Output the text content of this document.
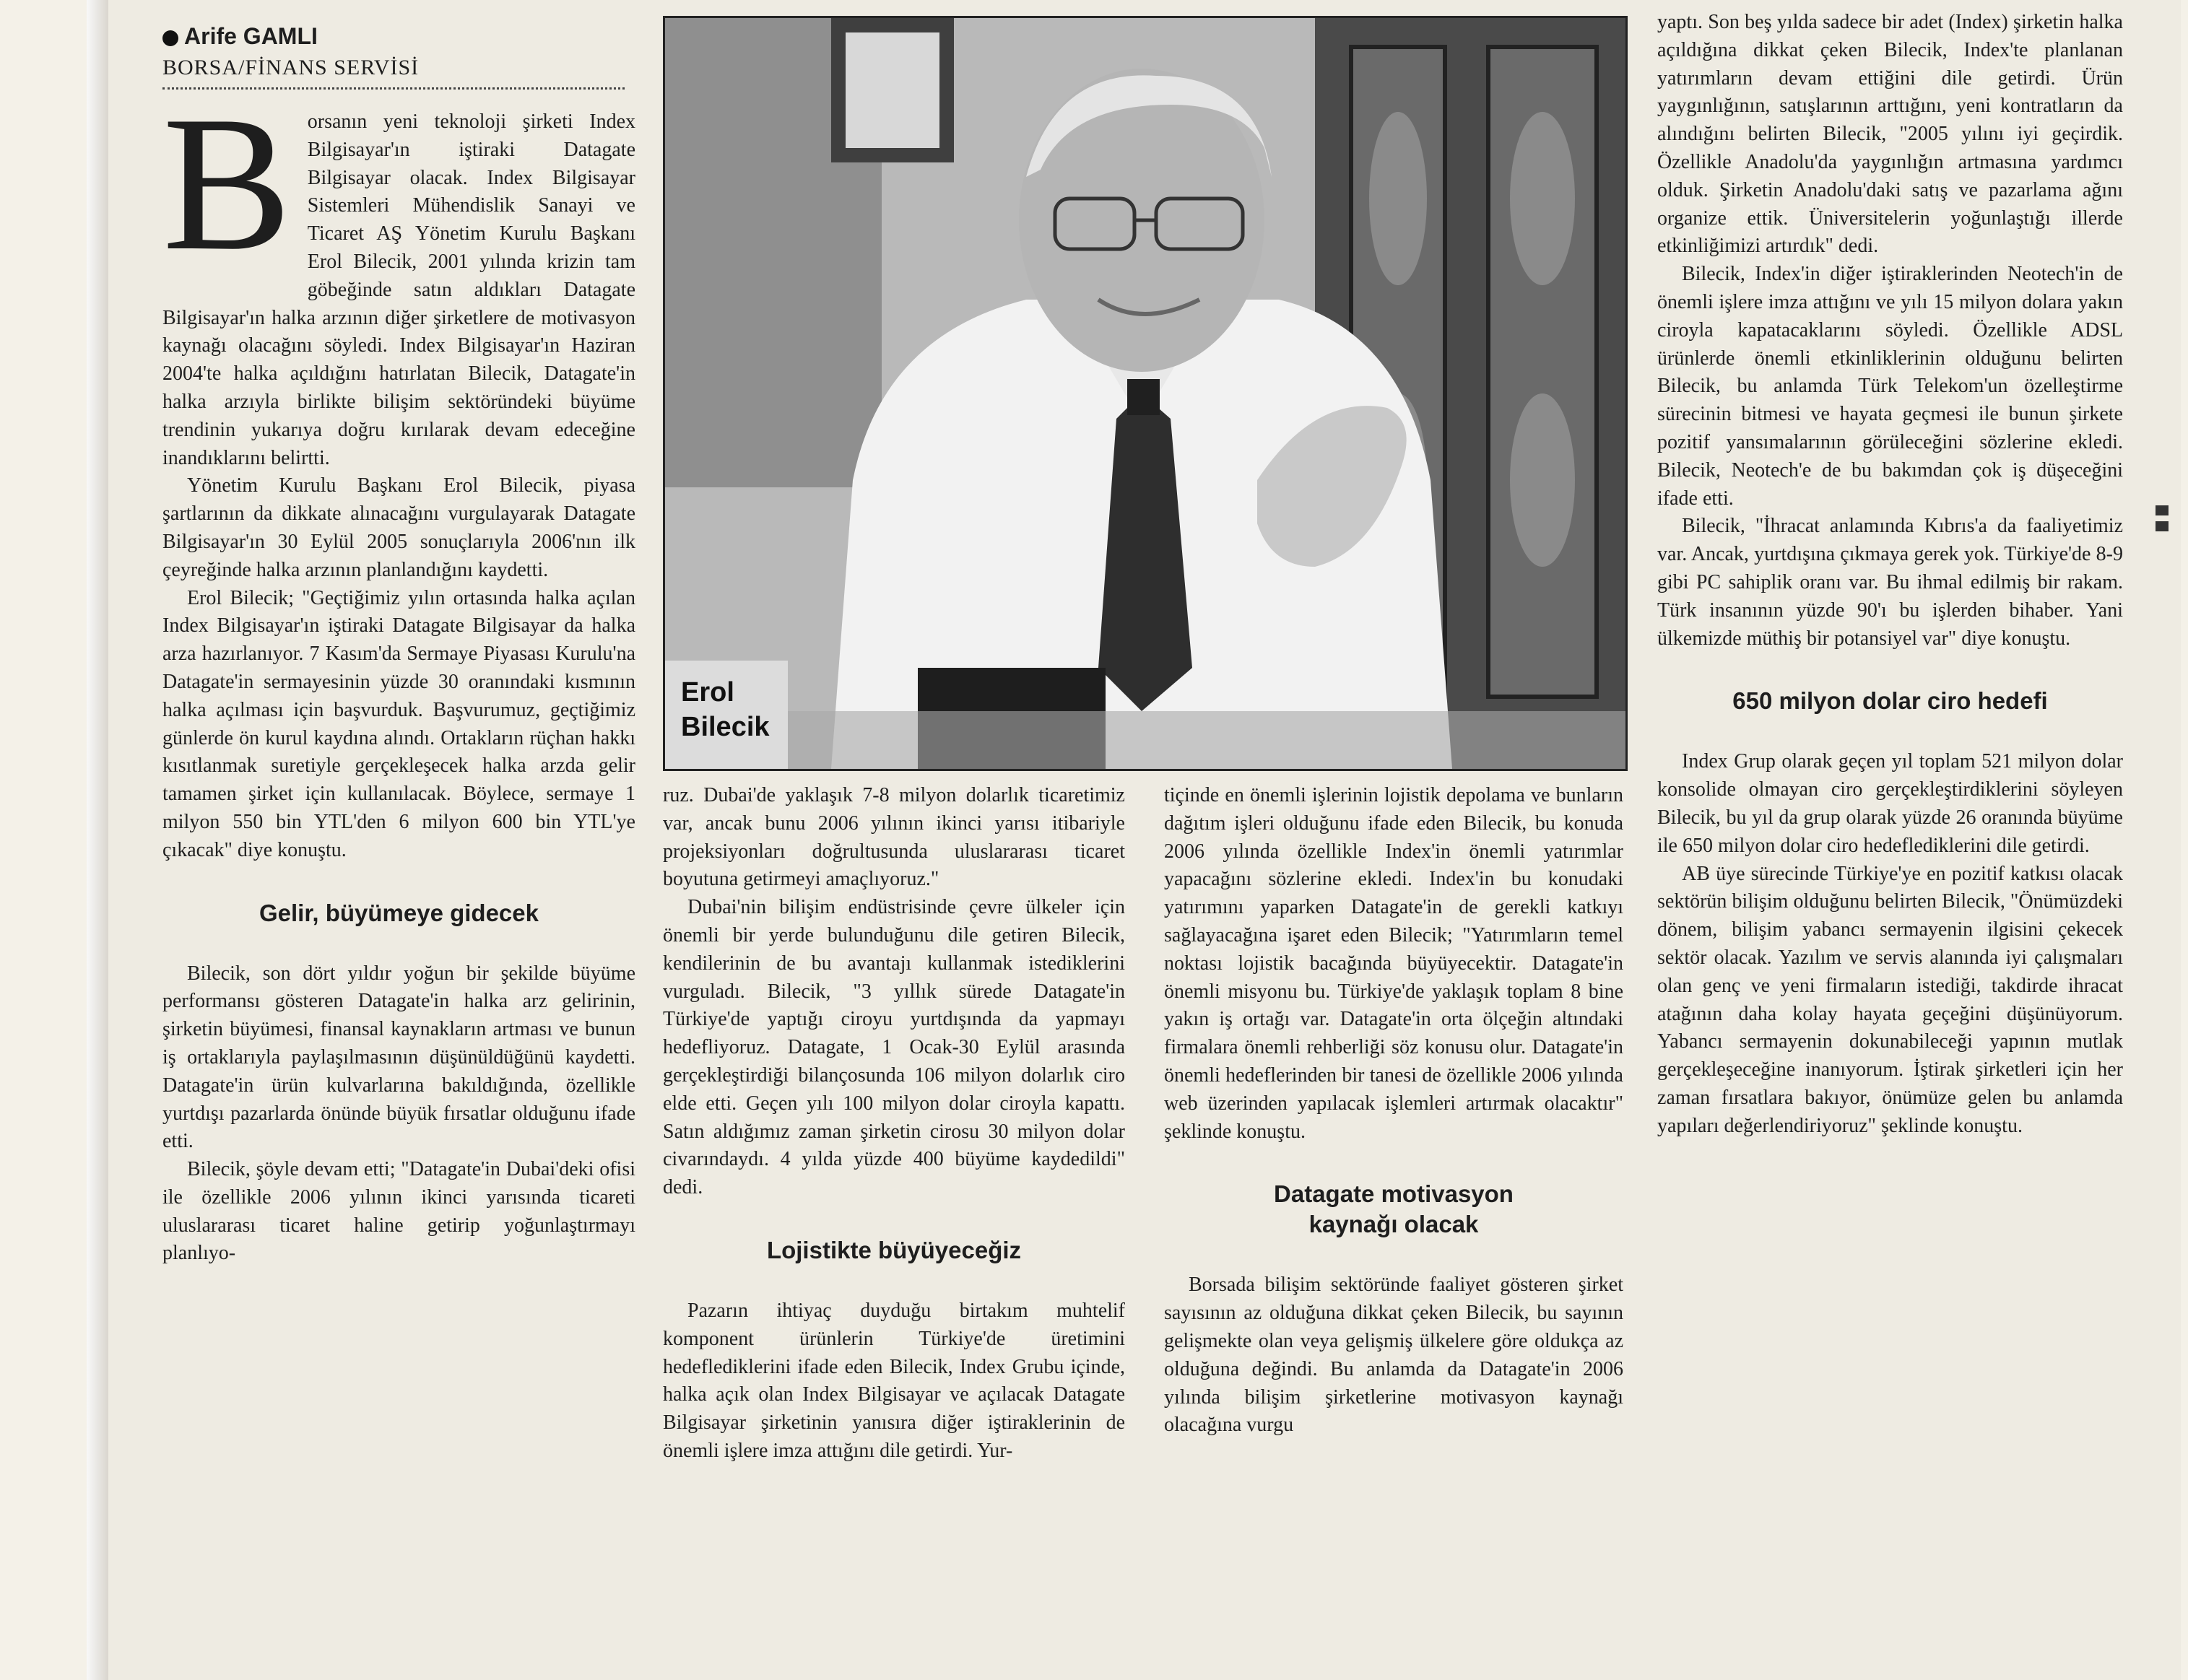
Arife GAMLI
BORSA/FİNANS SERVİSİ

Borsanın yeni teknoloji şirketi Index Bilgisayar'ın iştiraki Datagate Bilgisayar olacak. Index Bilgisayar Sistemleri Mühendislik Sanayi ve Ticaret AŞ Yönetim Kurulu Başkanı Erol Bilecik, 2001 yılında krizin tam göbeğinde satın aldıkları Datagate Bilgisayar'ın halka arzının diğer şirketlere de motivasyon kaynağı olacağını söyledi. Index Bilgisayar'ın Haziran 2004'te halka açıldığını hatırlatan Bilecik, Datagate'in halka arzıyla birlikte bilişim sektöründeki büyüme trendinin yukarıya doğru kırılarak devam edeceğine inandıklarını belirtti.

Yönetim Kurulu Başkanı Erol Bilecik, piyasa şartlarının da dikkate alınacağını vurgulayarak Datagate Bilgisayar'ın 30 Eylül 2005 sonuçlarıyla 2006'nın ilk çeyreğinde halka arzının planlandığını kaydetti.

Erol Bilecik; "Geçtiğimiz yılın ortasında halka açılan Index Bilgisayar'ın iştiraki Datagate Bilgisayar da halka arza hazırlanıyor. 7 Kasım'da Sermaye Piyasası Kurulu'na Datagate'in sermayesinin yüzde 30 oranındaki kısmının halka açılması için başvurduk. Başvurumuz, geçtiğimiz günlerde ön kurul kaydına alındı. Ortakların rüçhan hakkı kısıtlanmak suretiyle gerçekleşecek halka arzda gelir tamamen şirket için kullanılacak. Böylece, sermaye 1 milyon 550 bin YTL'den 6 milyon 600 bin YTL'ye çıkacak" diye konuştu.

Gelir, büyümeye gidecek

Bilecik, son dört yıldır yoğun bir şekilde büyüme performansı gösteren Datagate'in halka arz gelirinin, şirketin büyümesi, finansal kaynakların artması ve bunun iş ortaklarıyla paylaşılmasının düşünüldüğünü kaydetti. Datagate'in ürün kulvarlarına bakıldığında, özellikle yurtdışı pazarlarda önünde büyük fırsatlar olduğunu ifade etti.

Bilecik, şöyle devam etti; "Datagate'in Dubai'deki ofisi ile özellikle 2006 yılının ikinci yarısında ticareti uluslararası ticaret haline getirip yoğunlaştırmayı planlıyo-

Erol
Bilecik

ruz. Dubai'de yaklaşık 7-8 milyon dolarlık ticaretimiz var, ancak bunu 2006 yılının ikinci yarısı itibariyle projeksiyonları doğrultusunda uluslararası ticaret boyutuna getirmeyi amaçlıyoruz."

Dubai'nin bilişim endüstrisinde çevre ülkeler için önemli bir yerde bulunduğunu dile getiren Bilecik, kendilerinin de bu avantajı kullanmak istediklerini vurguladı. Bilecik, "3 yıllık sürede Datagate'in Türkiye'de yaptığı ciroyu yurtdışında da yapmayı hedefliyoruz. Datagate, 1 Ocak-30 Eylül arasında gerçekleştirdiği bilançosunda 106 milyon dolarlık ciro elde etti. Geçen yılı 100 milyon dolar ciroyla kapattı. Satın aldığımız zaman şirketin cirosu 30 milyon dolar civarındaydı. 4 yılda yüzde 400 büyüme kaydedildi" dedi.

Lojistikte büyüyeceğiz

Pazarın ihtiyaç duyduğu birtakım muhtelif komponent ürünlerin Türkiye'de üretimini hedeflediklerini ifade eden Bilecik, Index Grubu içinde, halka açık olan Index Bilgisayar ve açılacak Datagate Bilgisayar şirketinin yanısıra diğer iştiraklerinin de önemli işlere imza attığını dile getirdi. Yur-

tiçinde en önemli işlerinin lojistik depolama ve bunların dağıtım işleri olduğunu ifade eden Bilecik, bu konuda 2006 yılında özellikle Index'in önemli yatırımlar yapacağını sözlerine ekledi. Index'in bu konudaki yatırımını yaparken Datagate'in de gerekli katkıyı sağlayacağına işaret eden Bilecik; "Yatırımların temel noktası lojistik bacağında büyüyecektir. Datagate'in önemli misyonu bu. Türkiye'de yaklaşık toplam 8 bine yakın iş ortağı var. Datagate'in orta ölçeğin altındaki firmalara önemli rehberliği söz konusu olur. Datagate'in önemli hedeflerinden bir tanesi de özellikle 2006 yılında web üzerinden yapılacak işlemleri artırmak olacaktır" şeklinde konuştu.

Datagate motivasyon kaynağı olacak

Borsada bilişim sektöründe faaliyet gösteren şirket sayısının az olduğuna dikkat çeken Bilecik, bu sayının gelişmekte olan veya gelişmiş ülkelere göre oldukça az olduğuna değindi. Bu anlamda da Datagate'in 2006 yılında bilişim şirketlerine motivasyon kaynağı olacağına vurgu

yaptı. Son beş yılda sadece bir adet (Index) şirketin halka açıldığına dikkat çeken Bilecik, Index'te planlanan yatırımların devam ettiğini dile getirdi. Ürün yaygınlığının, satışlarının arttığını, yeni kontratların da alındığını belirten Bilecik, "2005 yılını iyi geçirdik. Özellikle Anadolu'da yaygınlığın artmasına yardımcı olduk. Şirketin Anadolu'daki satış ve pazarlama ağını organize ettik. Üniversitelerin yoğunlaştığı illerde etkinliğimizi artırdık" dedi.

Bilecik, Index'in diğer iştiraklerinden Neotech'in de önemli işlere imza attığını ve yılı 15 milyon dolara yakın ciroyla kapatacaklarını söyledi. Özellikle ADSL ürünlerde önemli etkinliklerinin olduğunu belirten Bilecik, bu anlamda Türk Telekom'un özelleştirme sürecinin bitmesi ve hayata geçmesi ile bunun şirkete pozitif yansımalarının görüleceğini sözlerine ekledi. Bilecik, Neotech'e de bu bakımdan çok iş düşeceğini ifade etti.

Bilecik, "İhracat anlamında Kıbrıs'a da faaliyetimiz var. Ancak, yurtdışına çıkmaya gerek yok. Türkiye'de 8-9 gibi PC sahiplik oranı var. Bu ihmal edilmiş bir rakam. Türk insanının yüzde 90'ı bu işlerden bihaber. Yani ülkemizde müthiş bir potansiyel var" diye konuştu.

650 milyon dolar ciro hedefi

Index Grup olarak geçen yıl toplam 521 milyon dolar konsolide olmayan ciro gerçekleştirdiklerini söyleyen Bilecik, bu yıl da grup olarak yüzde 26 oranında büyüme ile 650 milyon dolar ciro hedeflediklerini dile getirdi.

AB üye sürecinde Türkiye'ye en pozitif katkısı olacak sektörün bilişim olduğunu belirten Bilecik, "Önümüzdeki dönem, bilişim yabancı sermayenin ilgisini çekecek sektör olacak. Yazılım ve servis alanında iyi çalışmaları olan genç ve yeni firmaların istediği, takdirde ihracat atağının daha kolay hayata geçeğini düşünüyorum. Yabancı sermayenin dokunabileceği yapının mutlak gerçekleşeceğine inanıyorum. İştirak şirketleri için her zaman fırsatlara bakıyor, önümüze gelen bu anlamda yapıları değerlendiriyoruz" şeklinde konuştu.
